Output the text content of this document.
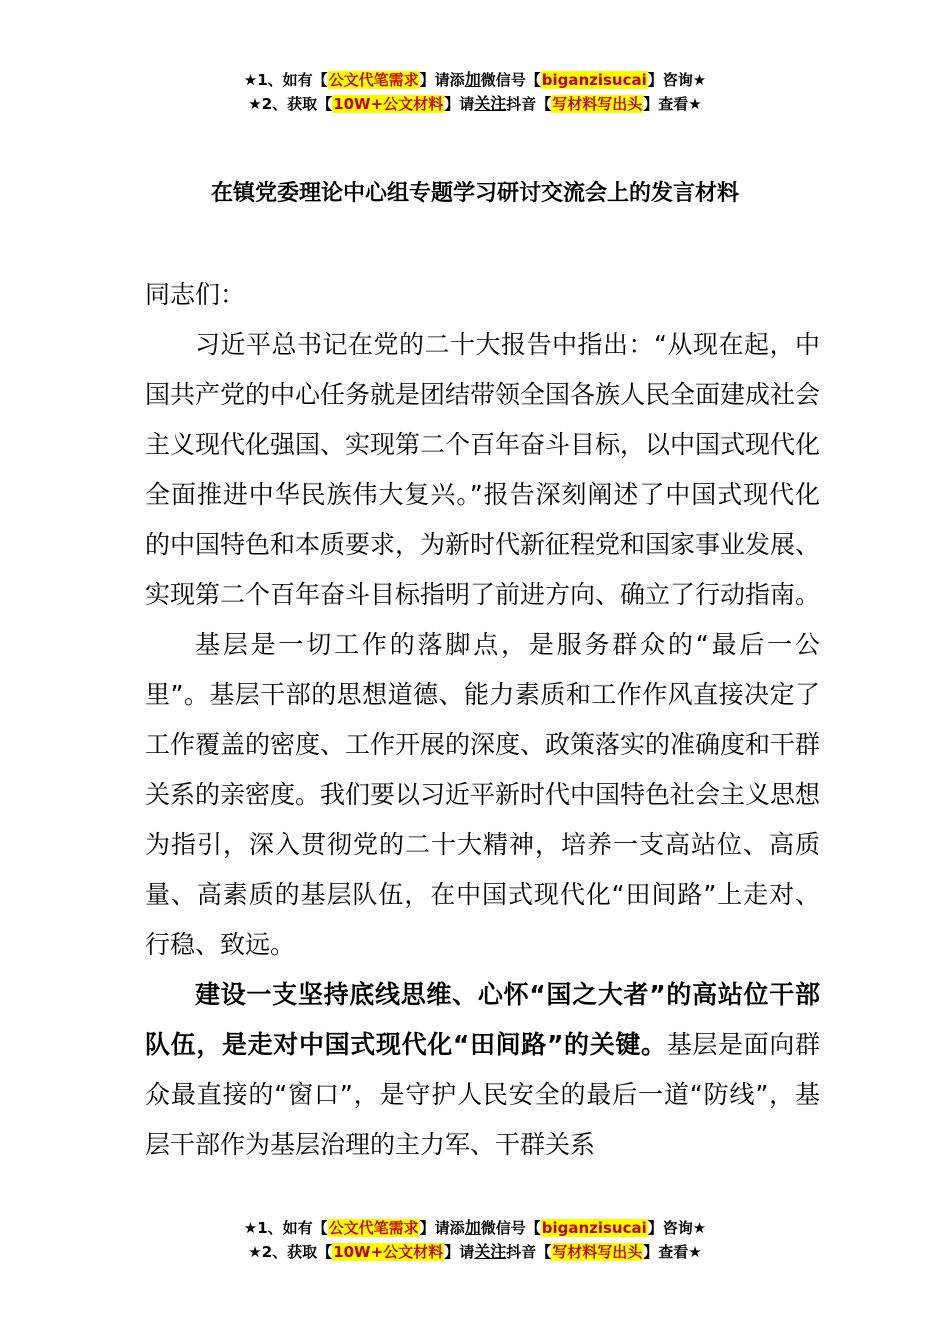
★1、如有【公文代笔需求】请添加微信号【biganzisucai】咨询★
★2、获取【10W+公文材料】请关注抖音【写材料写出头】查看★
在镇党委理论中心组专题学习研讨交流会上的发言材料

同志们：

习近平总书记在党的二十大报告中指出：“从现在起，中国共产党的中心任务就是团结带领全国各族人民全面建成社会主义现代化强国、实现第二个百年奋斗目标，以中国式现代化全面推进中华民族伟大复兴。”报告深刻阐述了中国式现代化的中国特色和本质要求，为新时代新征程党和国家事业发展、实现第二个百年奋斗目标指明了前进方向、确立了行动指南。

基层是一切工作的落脚点，是服务群众的“最后一公里”。基层干部的思想道德、能力素质和工作作风直接决定了工作覆盖的密度、工作开展的深度、政策落实的准确度和干群关系的亲密度。我们要以习近平新时代中国特色社会主义思想为指引，深入贯彻党的二十大精神，培养一支高站位、高质量、高素质的基层队伍，在中国式现代化“田间路”上走对、行稳、致远。

建设一支坚持底线思维、心怀“国之大者”的高站位干部队伍，是走对中国式现代化“田间路”的关键。基层是面向群众最直接的“窗口”，是守护人民安全的最后一道“防线”，基层干部作为基层治理的主力军、干群关系

★1、如有【公文代笔需求】请添加微信号【biganzisucai】咨询★
★2、获取【10W+公文材料】请关注抖音【写材料写出头】查看★
